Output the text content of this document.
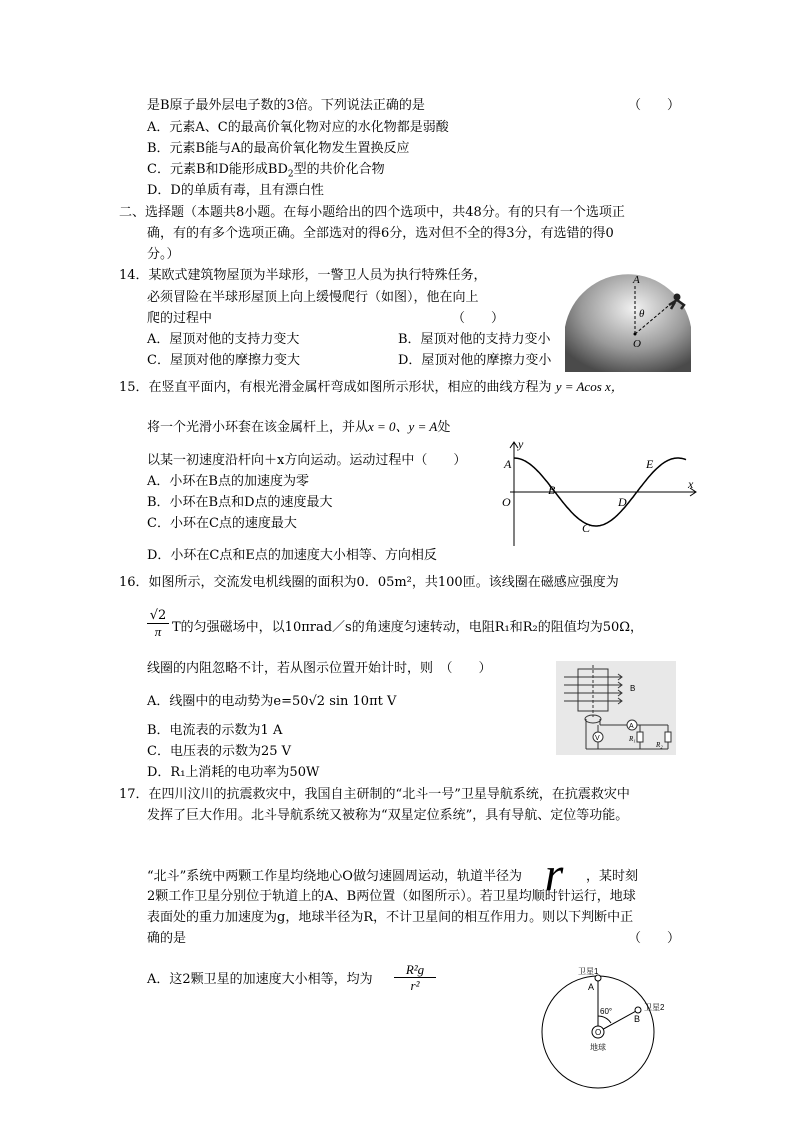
是B原子最外层电子数的3倍。下列说法正确的是	（　　）
A．元素A、C的最高价氧化物对应的水化物都是弱酸
B．元素B能与A的最高价氧化物发生置换反应
C．元素B和D能形成$BD_2$型的共价化合物
D．D的单质有毒，且有漂白性
二、选择题（本题共8小题。在每小题给出的四个选项中，共48分。有的只有一个选项正
确，有的有多个选项正确。全部选对的得6分，选对但不全的得3分，有选错的得0
分。）
14．某欧式建筑物屋顶为半球形，一警卫人员为执行特殊任务，
必须冒险在半球形屋顶上向上缓慢爬行（如图），他在向上
爬的过程中	（　　）
A．屋顶对他的支持力变大	B．屋顶对他的支持力变小
C．屋顶对他的摩擦力变大	D．屋顶对他的摩擦力变小
A
O
θ
15．在竖直平面内，有根光滑金属杆弯成如图所示形状，相应的曲线方程为 y = Acos x，
将一个光滑小环套在该金属杆上，并从x = 0、y = A处
以某一初速度沿杆向＋x方向运动。运动过程中（　　）
A．小环在B点的加速度为零
B．小环在B点和D点的速度最大
C．小环在C点的速度最大
D．小环在C点和E点的加速度大小相等、方向相反
y
x
O
A
B
C
D
E
16．如图所示，交流发电机线圈的面积为0．05m²，共100匝。该线圈在磁感应强度为
√2
π T的匀强磁场中，以10πrad／s的角速度匀速转动，电阻R₁和R₂的阻值均为50Ω，
线圈的内阻忽略不计，若从图示位置开始计时，则　（　　）
A．线圈中的电动势为e=50√2 sin 10πt V
B．电流表的示数为1 A
C．电压表的示数为25 V
D．R₁上消耗的电功率为50W
B
A
V	R₁
R₂
17．在四川汶川的抗震救灾中，我国自主研制的“北斗一号”卫星导航系统，在抗震救灾中
发挥了巨大作用。北斗导航系统又被称为“双星定位系统”，具有导航、定位等功能。
“北斗”系统中两颗工作星均绕地心O做匀速圆周运动，轨道半径为 r ，某时刻
2颗工作卫星分别位于轨道上的A、B两位置（如图所示）。若卫星均顺时针运行，地球
表面处的重力加速度为g，地球半径为R，不计卫星间的相互作用力。则以下判断中正
确的是	（　　）
A．这2颗卫星的加速度大小相等，均为
R²g
r²
卫星1
卫星2
A
B
O
60°
地球
